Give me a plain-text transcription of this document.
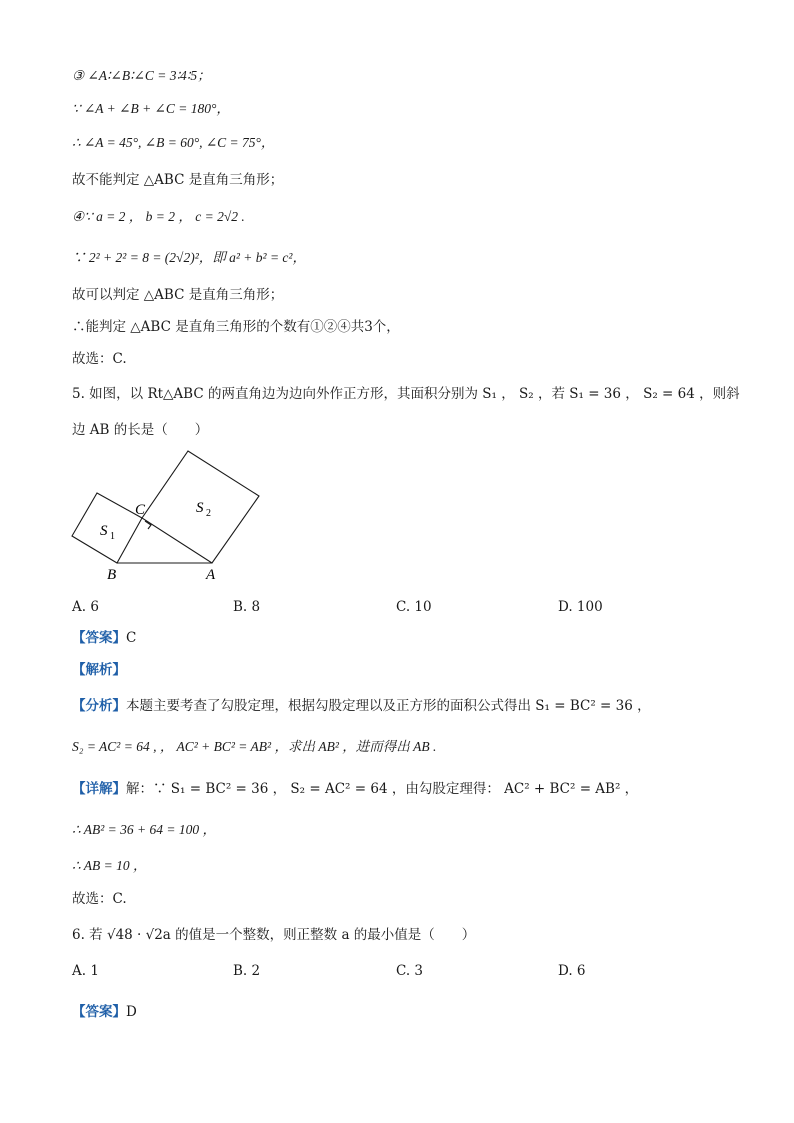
③ ∠A∶∠B∶∠C = 3∶4∶5；
∵ ∠A + ∠B + ∠C = 180°，
∴ ∠A = 45°, ∠B = 60°, ∠C = 75°，
故不能判定 △ABC 是直角三角形；
④∵ a = 2 ， b = 2 ， c = 2√2 .
∵ 2² + 2² = 8 = (2√2)²，即 a² + b² = c²，
故可以判定 △ABC 是直角三角形；
∴能判定 △ABC 是直角三角形的个数有①②④共3个，
故选：C.
5. 如图，以 Rt△ABC 的两直角边为边向外作正方形，其面积分别为 S₁ ， S₂ ，若 S₁ = 36 ， S₂ = 64 ，则斜
边 AB 的长是（　　）
C
B	A
S 1
S 2
A. 6	B. 8	C. 10	D. 100
【答案】C
【解析】
【分析】本题主要考查了勾股定理，根据勾股定理以及正方形的面积公式得出 S₁ = BC² = 36 ，
S₂ = AC² = 64 , ， AC² + BC² = AB² ，求出 AB² ，进而得出 AB .
【详解】解：∵ S₁ = BC² = 36 ， S₂ = AC² = 64 ，由勾股定理得： AC² + BC² = AB² ，
∴ AB² = 36 + 64 = 100 ，
∴ AB = 10 ，
故选：C.
6. 若 √48 · √2a 的值是一个整数，则正整数 a 的最小值是（　　）
A. 1	B. 2	C. 3	D. 6
【答案】D
